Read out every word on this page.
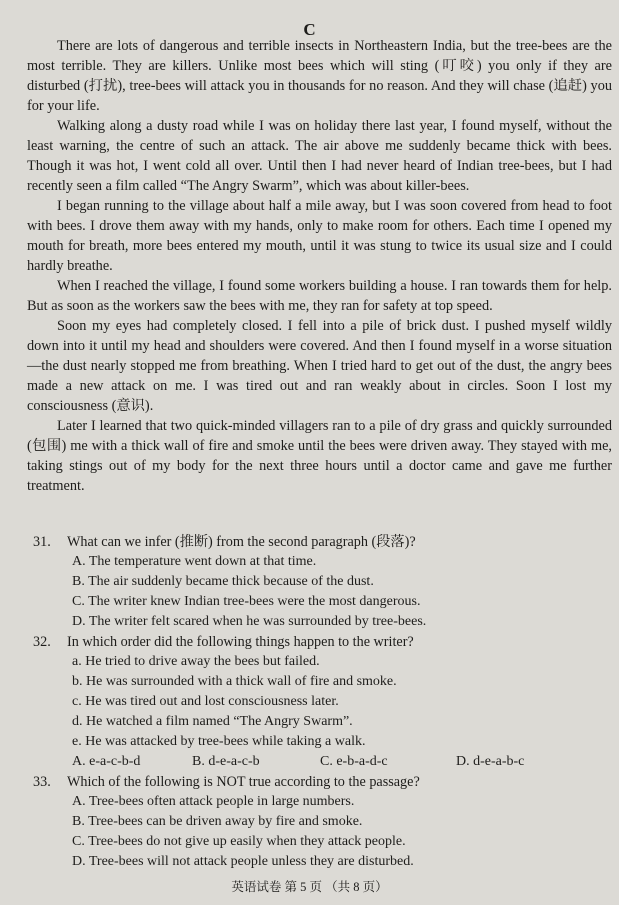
C

There are lots of dangerous and terrible insects in Northeastern India, but the tree-bees are the most terrible. They are killers. Unlike most bees which will sting (叮咬) you only if they are disturbed (打扰), tree-bees will attack you in thousands for no reason. And they will chase (追赶) you for your life.

Walking along a dusty road while I was on holiday there last year, I found myself, without the least warning, the centre of such an attack. The air above me suddenly became thick with bees. Though it was hot, I went cold all over. Until then I had never heard of Indian tree-bees, but I had recently seen a film called “The Angry Swarm”, which was about killer-bees.

I began running to the village about half a mile away, but I was soon covered from head to foot with bees. I drove them away with my hands, only to make room for others. Each time I opened my mouth for breath, more bees entered my mouth, until it was stung to twice its usual size and I could hardly breathe.

When I reached the village, I found some workers building a house. I ran towards them for help. But as soon as the workers saw the bees with me, they ran for safety at top speed.

Soon my eyes had completely closed. I fell into a pile of brick dust. I pushed myself wildly down into it until my head and shoulders were covered. And then I found myself in a worse situation—the dust nearly stopped me from breathing. When I tried hard to get out of the dust, the angry bees made a new attack on me. I was tired out and ran weakly about in circles. Soon I lost my consciousness (意识).

Later I learned that two quick-minded villagers ran to a pile of dry grass and quickly surrounded (包围) me with a thick wall of fire and smoke until the bees were driven away. They stayed with me, taking stings out of my body for the next three hours until a doctor came and gave me further treatment.

31.	What can we infer (推断) from the second paragraph (段落)?
A. The temperature went down at that time.
B. The air suddenly became thick because of the dust.
C. The writer knew Indian tree-bees were the most dangerous.
D. The writer felt scared when he was surrounded by tree-bees.
32.	In which order did the following things happen to the writer?
a. He tried to drive away the bees but failed.
b. He was surrounded with a thick wall of fire and smoke.
c. He was tired out and lost consciousness later.
d. He watched a film named “The Angry Swarm”.
e. He was attacked by tree-bees while taking a walk.
A. e-a-c-b-d	B. d-e-a-c-b	C. e-b-a-d-c	D. d-e-a-b-c
33.	Which of the following is NOT true according to the passage?
A. Tree-bees often attack people in large numbers.
B. Tree-bees can be driven away by fire and smoke.
C. Tree-bees do not give up easily when they attack people.
D. Tree-bees will not attack people unless they are disturbed.
英语试卷 第 5 页 （共 8 页）
